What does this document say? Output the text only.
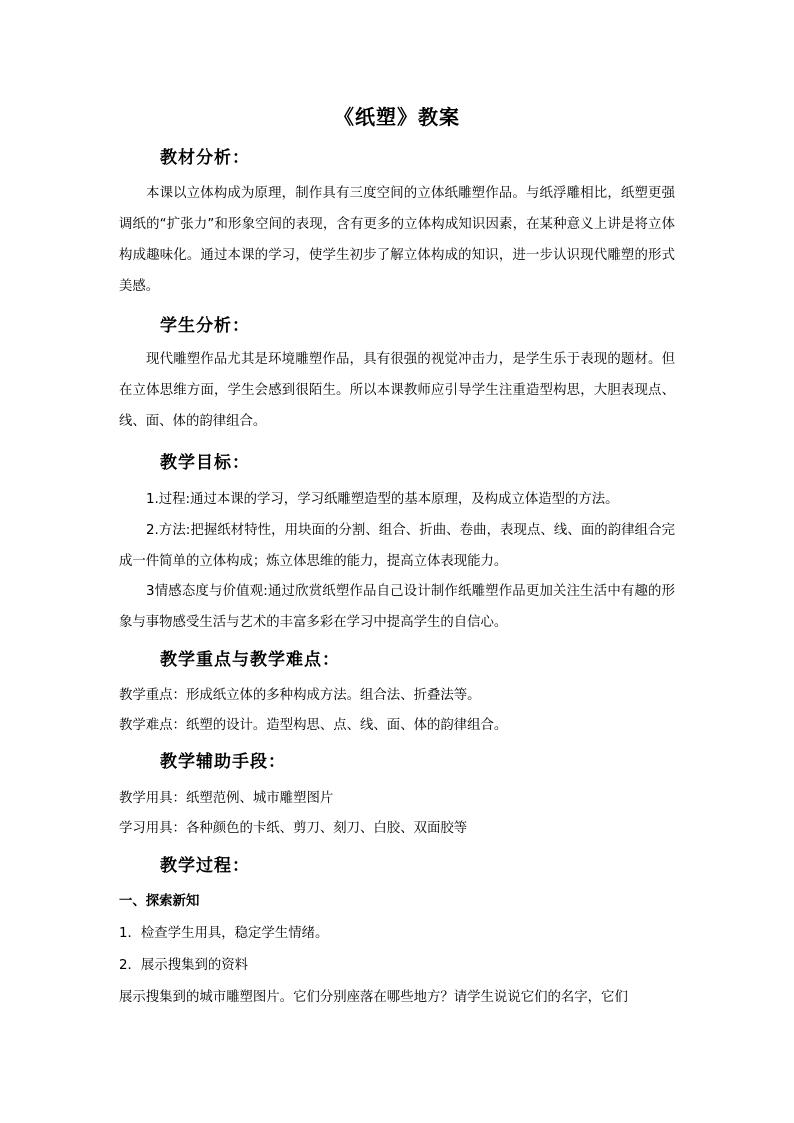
《纸塑》教案
教材分析：
本课以立体构成为原理，制作具有三度空间的立体纸雕塑作品。与纸浮雕相比，纸塑更强调纸的“扩张力”和形象空间的表现，含有更多的立体构成知识因素，在某种意义上讲是将立体构成趣味化。通过本课的学习，使学生初步了解立体构成的知识，进一步认识现代雕塑的形式美感。
学生分析：
现代雕塑作品尤其是环境雕塑作品，具有很强的视觉冲击力，是学生乐于表现的题材。但在立体思维方面，学生会感到很陌生。所以本课教师应引导学生注重造型构思，大胆表现点、线、面、体的韵律组合。
教学目标：
1.过程:通过本课的学习，学习纸雕塑造型的基本原理，及构成立体造型的方法。
2.方法:把握纸材特性，用块面的分割、组合、折曲、卷曲，表现点、线、面的韵律组合完成一件简单的立体构成；炼立体思维的能力，提高立体表现能力。
3情感态度与价值观:通过欣赏纸塑作品自己设计制作纸雕塑作品更加关注生活中有趣的形象与事物感受生活与艺术的丰富多彩在学习中提高学生的自信心。
教学重点与教学难点：
教学重点：形成纸立体的多种构成方法。组合法、折叠法等。
教学难点：纸塑的设计。造型构思、点、线、面、体的韵律组合。
教学辅助手段：
教学用具：纸塑范例、城市雕塑图片
学习用具：各种颜色的卡纸、剪刀、刻刀、白胶、双面胶等
教学过程：
一、探索新知
1．检查学生用具，稳定学生情绪。
2．展示搜集到的资料
展示搜集到的城市雕塑图片。它们分别座落在哪些地方？请学生说说它们的名字，它们
